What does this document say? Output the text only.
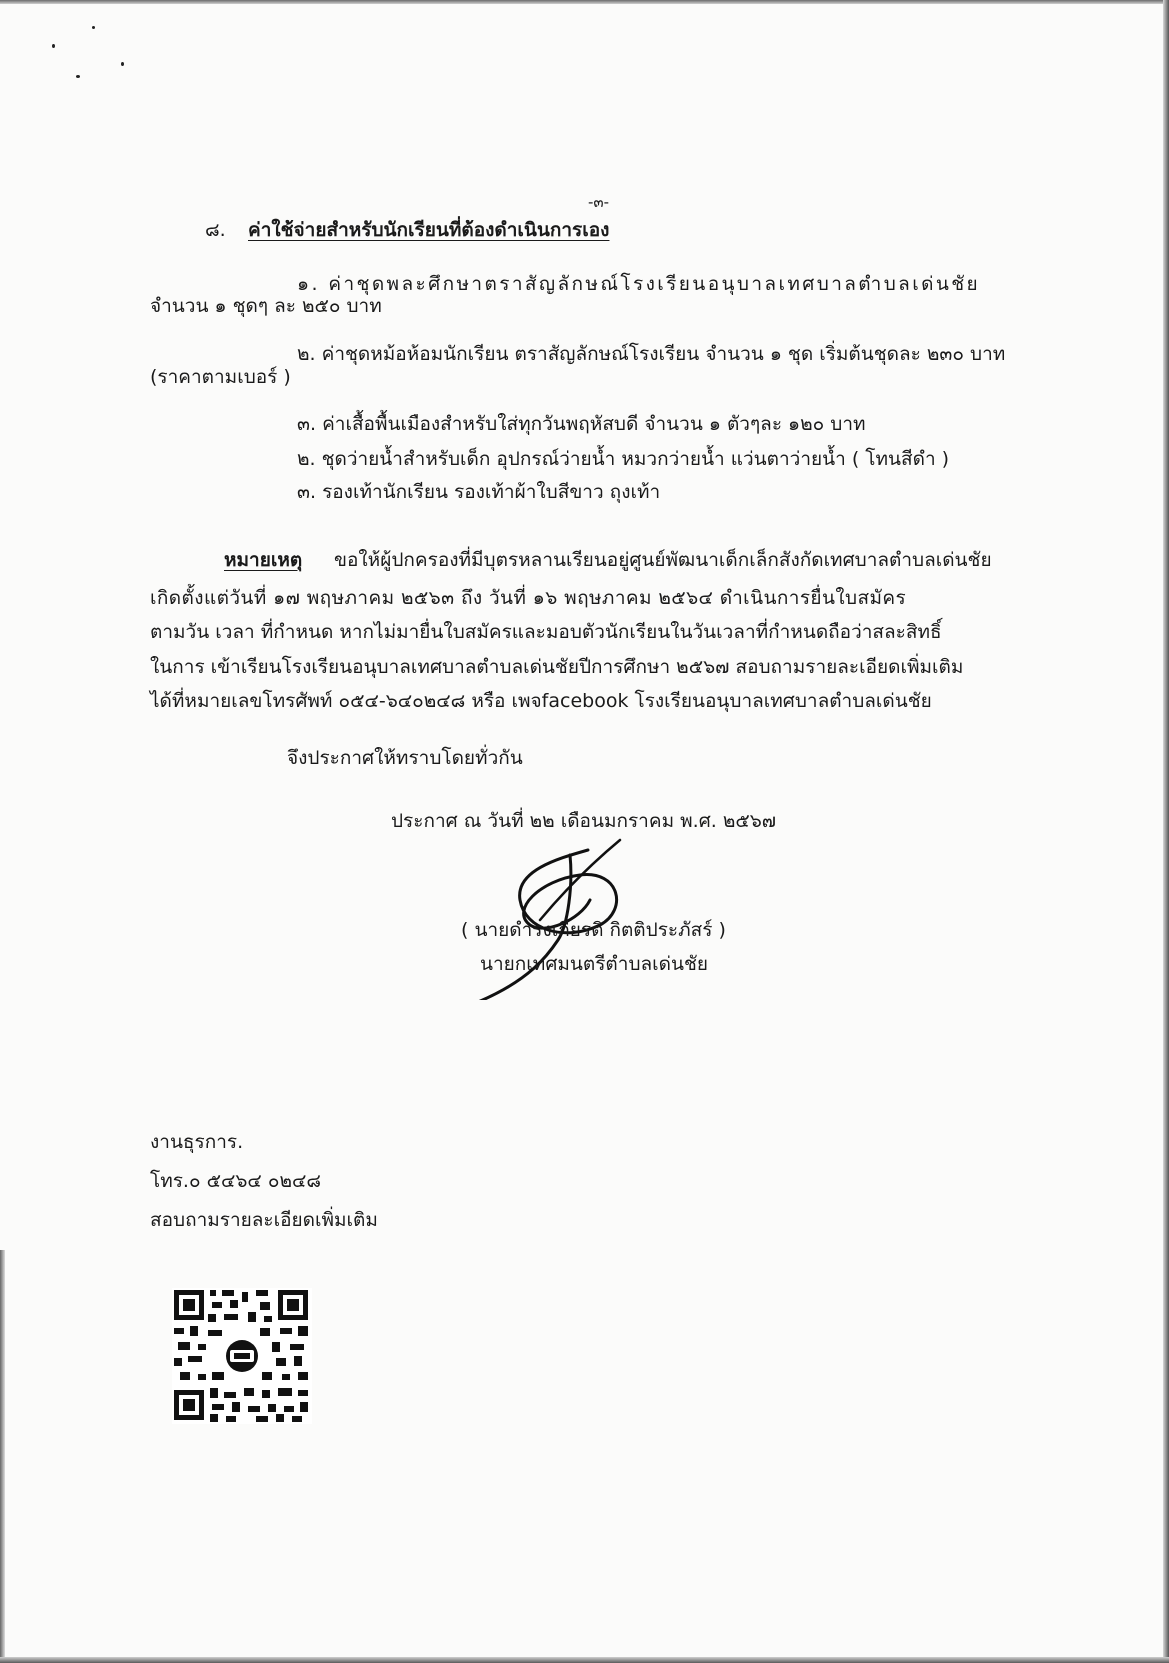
-๓-
๘. ค่าใช้จ่ายสำหรับนักเรียนที่ต้องดำเนินการเอง
๑. ค่าชุดพละศึกษาตราสัญลักษณ์โรงเรียนอนุบาลเทศบาลตำบลเด่นชัย
จำนวน ๑ ชุดๆ ละ ๒๕๐ บาท
๒. ค่าชุดหม้อห้อมนักเรียน ตราสัญลักษณ์โรงเรียน จำนวน ๑ ชุด เริ่มต้นชุดละ ๒๓๐ บาท
(ราคาตามเบอร์ )
๓. ค่าเสื้อพื้นเมืองสำหรับใส่ทุกวันพฤหัสบดี จำนวน ๑ ตัวๆละ ๑๒๐ บาท
๒. ชุดว่ายน้ำสำหรับเด็ก อุปกรณ์ว่ายน้ำ หมวกว่ายน้ำ แว่นตาว่ายน้ำ ( โทนสีดำ )
๓. รองเท้านักเรียน รองเท้าผ้าใบสีขาว ถุงเท้า
หมายเหตุ ขอให้ผู้ปกครองที่มีบุตรหลานเรียนอยู่ศูนย์พัฒนาเด็กเล็กสังกัดเทศบาลตำบลเด่นชัย
เกิดตั้งแต่วันที่ ๑๗ พฤษภาคม ๒๕๖๓ ถึง วันที่ ๑๖ พฤษภาคม ๒๕๖๔ ดำเนินการยื่นใบสมัคร
ตามวัน เวลา ที่กำหนด หากไม่มายื่นใบสมัครและมอบตัวนักเรียนในวันเวลาที่กำหนดถือว่าสละสิทธิ์
ในการ เข้าเรียนโรงเรียนอนุบาลเทศบาลตำบลเด่นชัยปีการศึกษา ๒๕๖๗ สอบถามรายละเอียดเพิ่มเติม
ได้ที่หมายเลขโทรศัพท์ ๐๕๔-๖๔๐๒๔๘ หรือ เพจfacebook โรงเรียนอนุบาลเทศบาลตำบลเด่นชัย
จึงประกาศให้ทราบโดยทั่วกัน
ประกาศ ณ วันที่ ๒๒ เดือนมกราคม พ.ศ. ๒๕๖๗
( นายดำรงเกียรติ กิตติประภัสร์ )
นายกเทศมนตรีตำบลเด่นชัย
งานธุรการ.
โทร.๐ ๕๔๖๔ ๐๒๔๘
สอบถามรายละเอียดเพิ่มเติม
